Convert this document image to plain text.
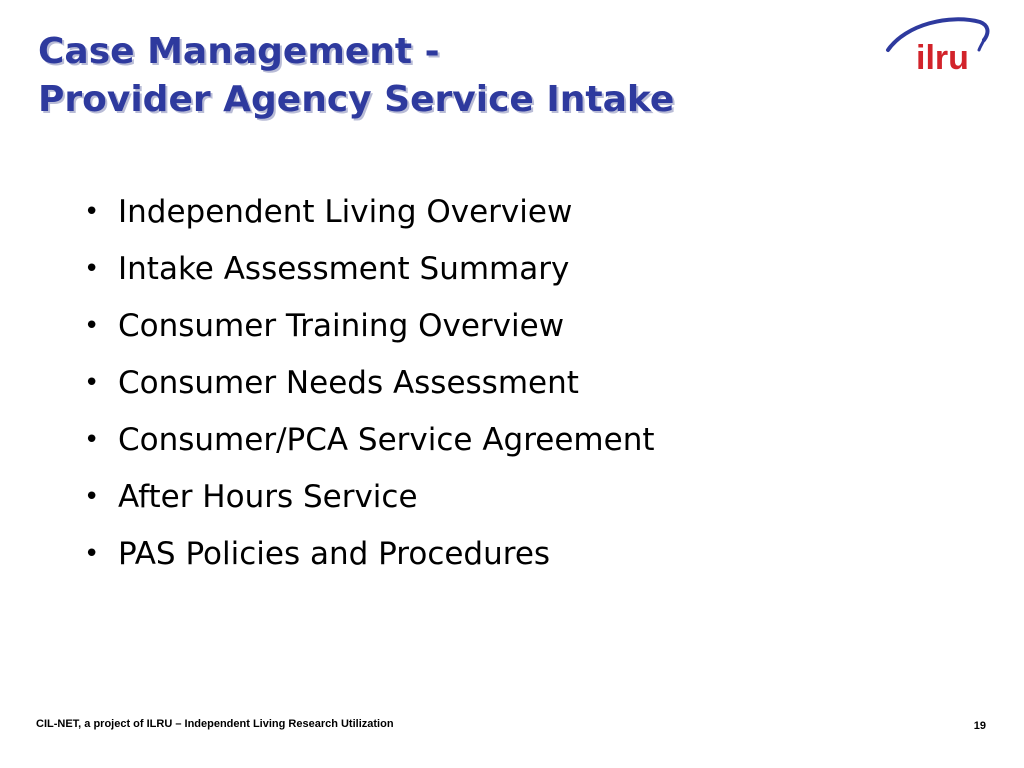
Case Management -
Provider Agency Service Intake
ilru
• Independent Living Overview
• Intake Assessment Summary
• Consumer Training Overview
• Consumer Needs Assessment
• Consumer/PCA Service Agreement
• After Hours Service
• PAS Policies and Procedures
CIL-NET, a project of ILRU – Independent Living Research Utilization	19
